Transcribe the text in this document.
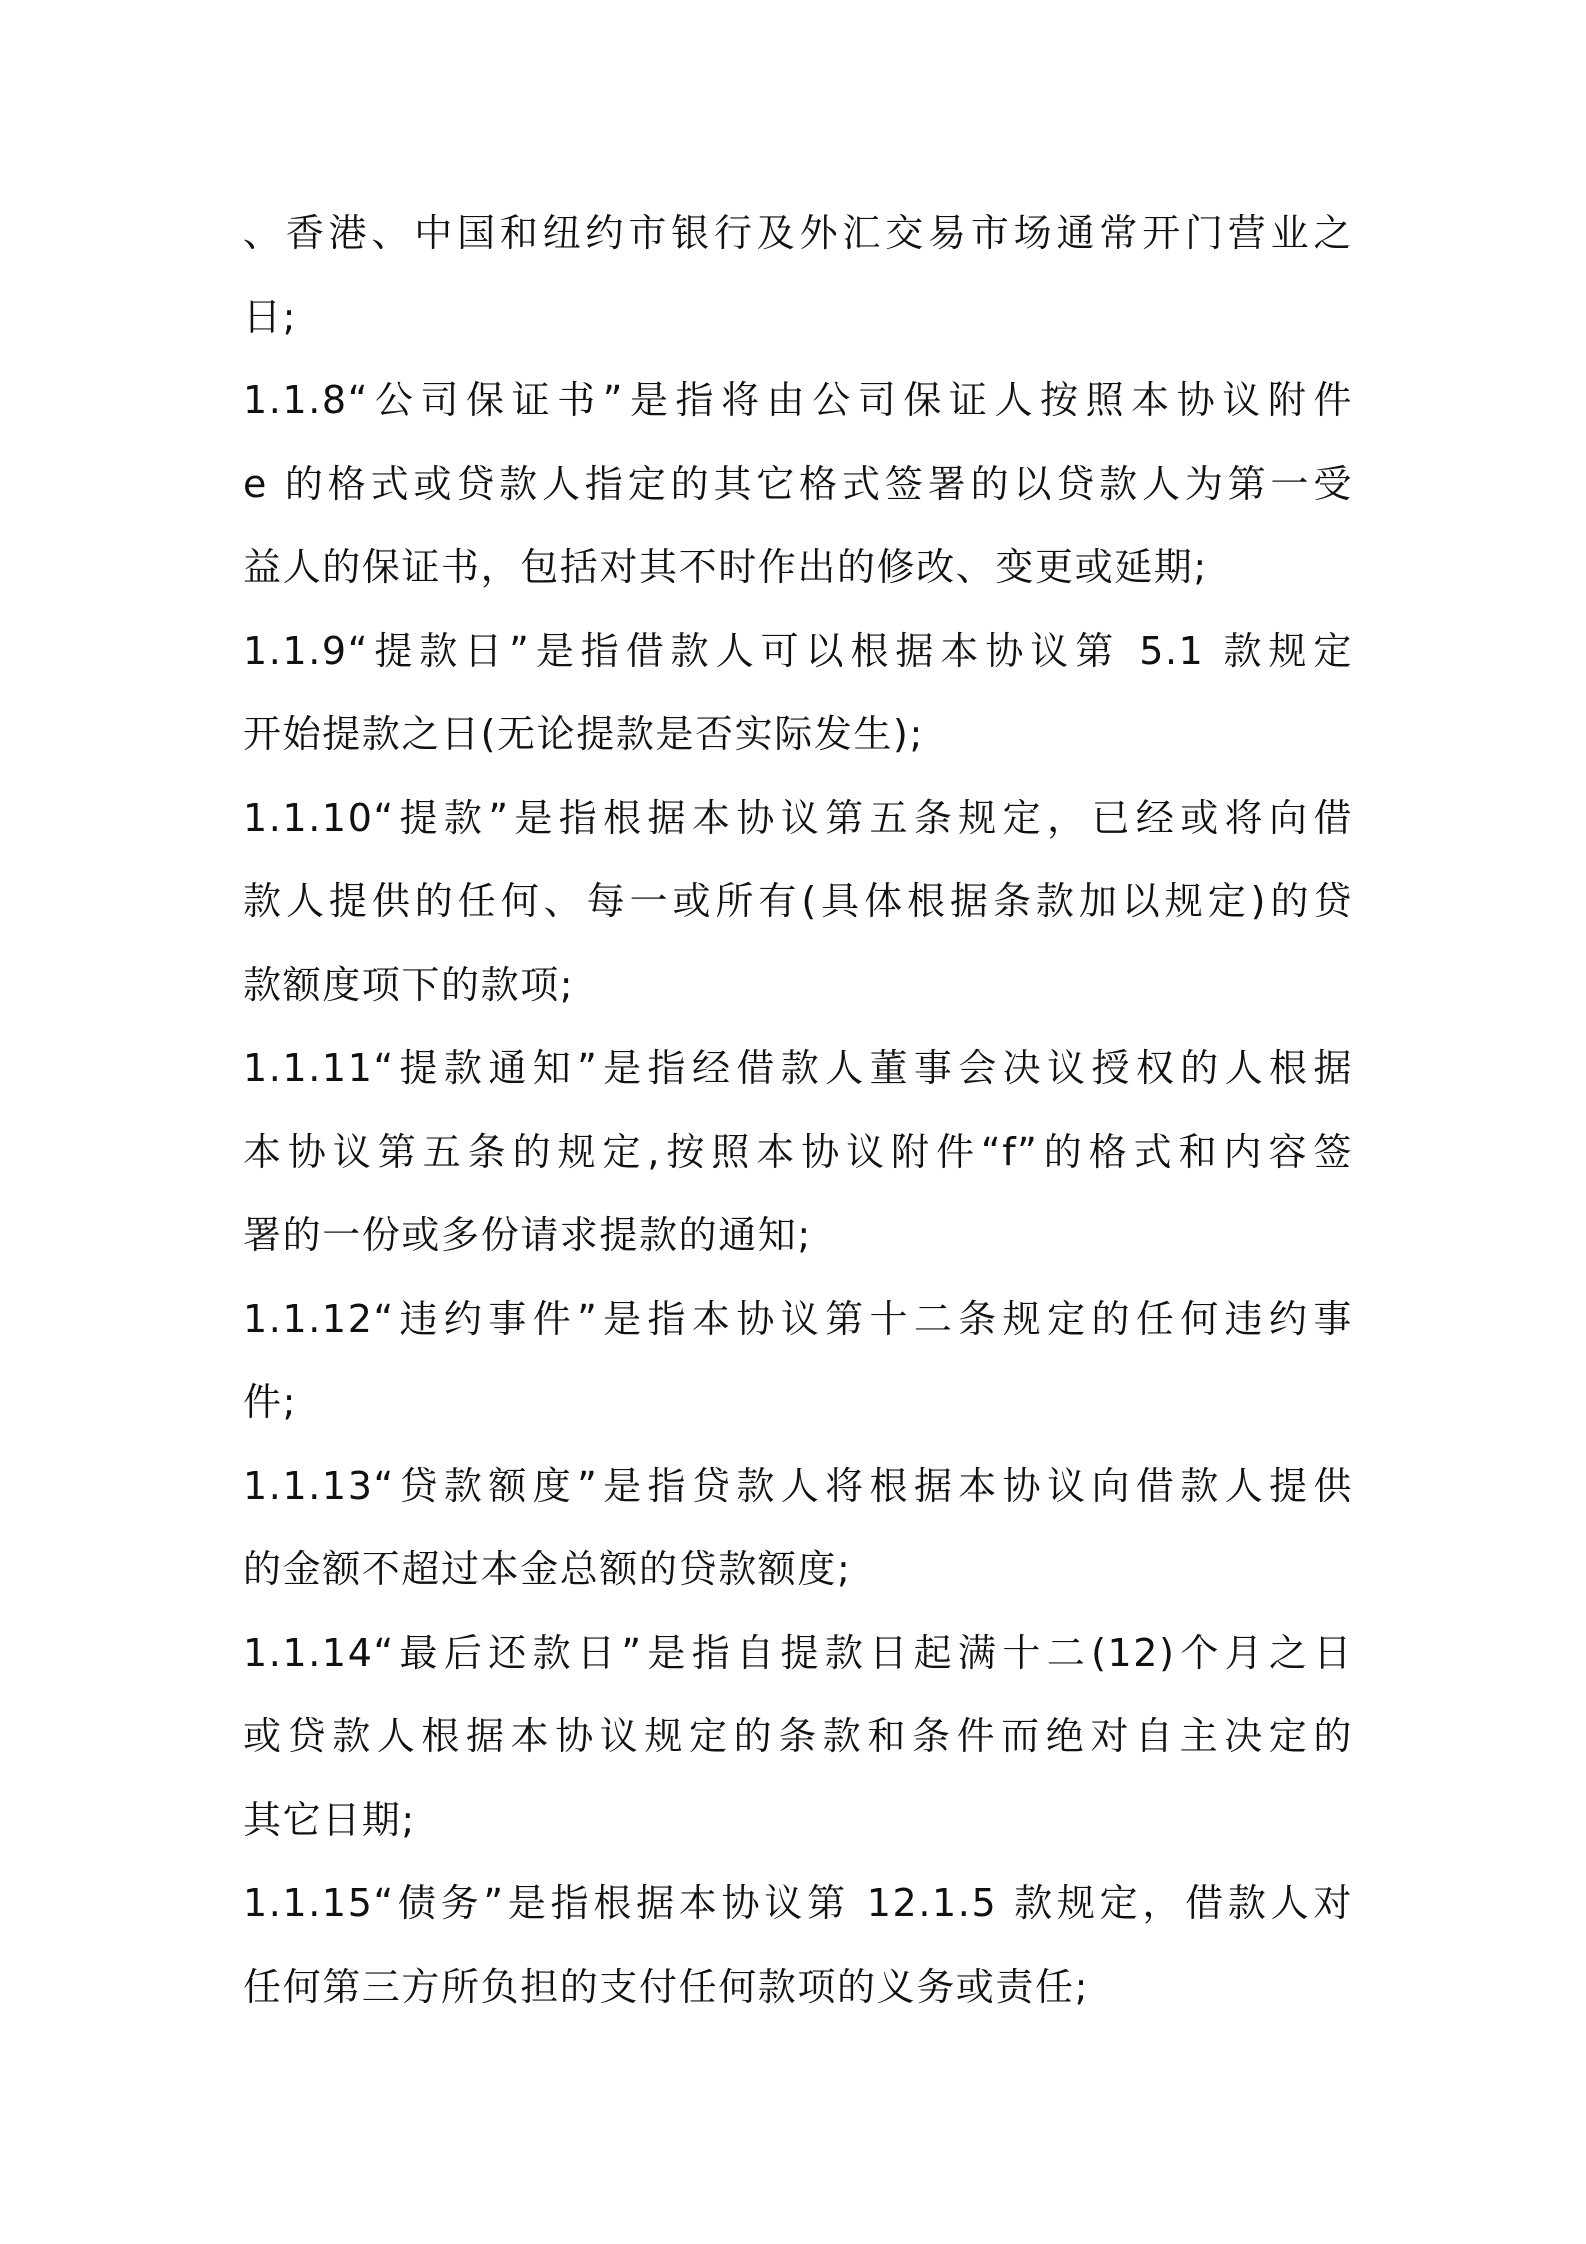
、香港、中国和纽约市银行及外汇交易市场通常开门营业之
日;
1.1.8“公司保证书”是指将由公司保证人按照本协议附件
e 的格式或贷款人指定的其它格式签署的以贷款人为第一受
益人的保证书，包括对其不时作出的修改、变更或延期;
1.1.9“提款日”是指借款人可以根据本协议第 5.1 款规定
开始提款之日(无论提款是否实际发生);
1.1.10“提款”是指根据本协议第五条规定，已经或将向借
款人提供的任何、每一或所有(具体根据条款加以规定)的贷
款额度项下的款项;
1.1.11“提款通知”是指经借款人董事会决议授权的人根据
本协议第五条的规定,按照本协议附件“f”的格式和内容签
署的一份或多份请求提款的通知;
1.1.12“违约事件”是指本协议第十二条规定的任何违约事
件;
1.1.13“贷款额度”是指贷款人将根据本协议向借款人提供
的金额不超过本金总额的贷款额度;
1.1.14“最后还款日”是指自提款日起满十二(12)个月之日
或贷款人根据本协议规定的条款和条件而绝对自主决定的
其它日期;
1.1.15“债务”是指根据本协议第 12.1.5 款规定，借款人对
任何第三方所负担的支付任何款项的义务或责任;
